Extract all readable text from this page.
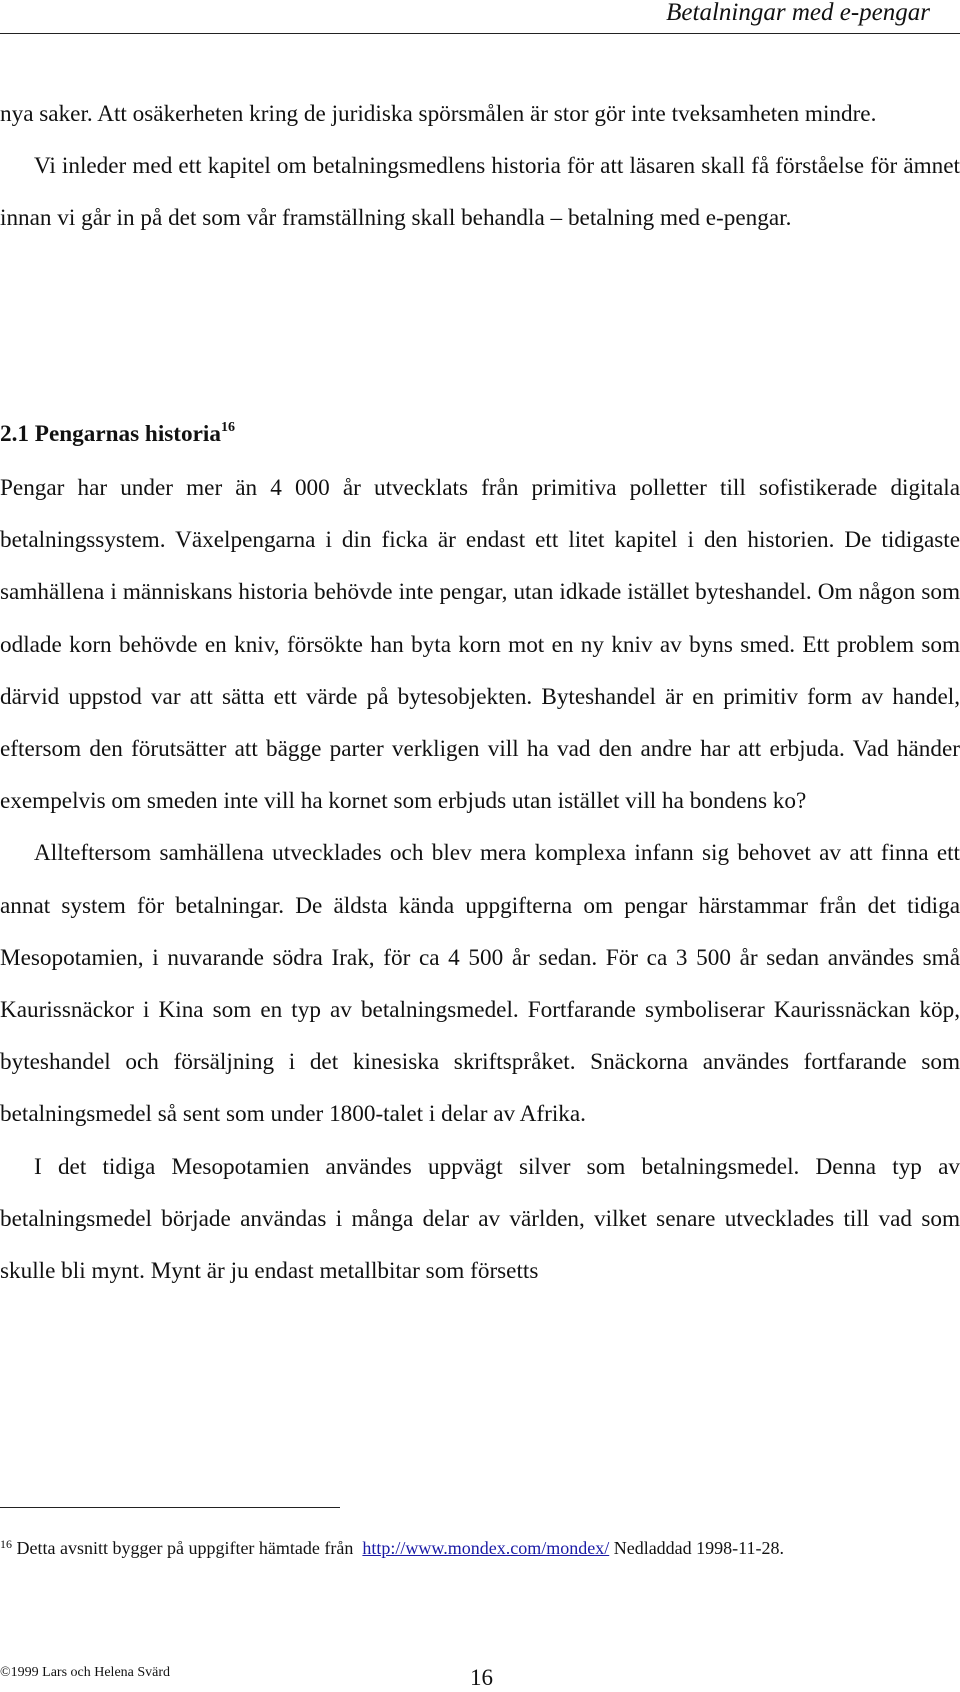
Betalningar med e-pengar

nya saker. Att osäkerheten kring de juridiska spörsmålen är stor gör inte tveksamheten mindre.

Vi inleder med ett kapitel om betalningsmedlens historia för att läsaren skall få förståelse för ämnet innan vi går in på det som vår framställning skall behandla – betalning med e-pengar.

2.1 Pengarnas historia$^{16}$

Pengar har under mer än 4 000 år utvecklats från primitiva polletter till sofistikerade digitala betalningssystem. Växelpengarna i din ficka är endast ett litet kapitel i den historien. De tidigaste samhällena i människans historia behövde inte pengar, utan idkade istället byteshandel. Om någon som odlade korn behövde en kniv, försökte han byta korn mot en ny kniv av byns smed. Ett problem som därvid uppstod var att sätta ett värde på bytesobjekten. Byteshandel är en primitiv form av handel, eftersom den förutsätter att bägge parter verkligen vill ha vad den andre har att erbjuda. Vad händer exempelvis om smeden inte vill ha kornet som erbjuds utan istället vill ha bondens ko?

Allteftersom samhällena utvecklades och blev mera komplexa infann sig behovet av att finna ett annat system för betalningar. De äldsta kända uppgifterna om pengar härstammar från det tidiga Mesopotamien, i nuvarande södra Irak, för ca 4 500 år sedan. För ca 3 500 år sedan användes små Kaurissnäckor i Kina som en typ av betalningsmedel. Fortfarande symboliserar Kaurissnäckan köp, byteshandel och försäljning i det kinesiska skriftspråket. Snäckorna användes fortfarande som betalningsmedel så sent som under 1800-talet i delar av Afrika.

I det tidiga Mesopotamien användes uppvägt silver som betalningsmedel. Denna typ av betalningsmedel började användas i många delar av världen, vilket senare utvecklades till vad som skulle bli mynt. Mynt är ju endast metallbitar som försetts

$^{16}$ Detta avsnitt bygger på uppgifter hämtade från http://www.mondex.com/mondex/ Nedladdad 1998-11-28.

©1999 Lars och Helena Svärd	16
